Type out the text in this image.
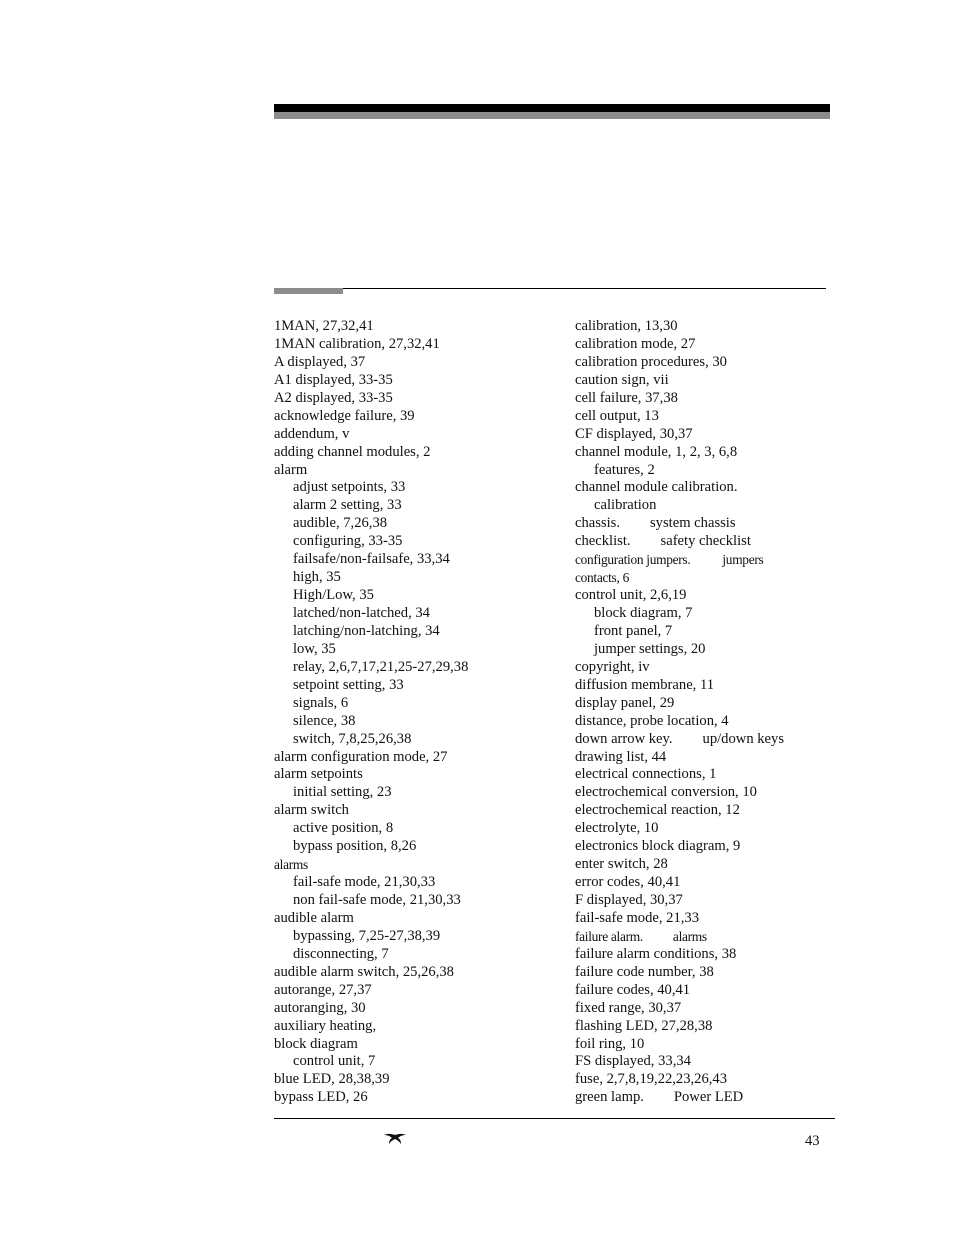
1MAN, 27,32,41
1MAN calibration, 27,32,41
A displayed, 37
A1 displayed, 33-35
A2 displayed, 33-35
acknowledge failure, 39
addendum, v
adding channel modules, 2
alarm
adjust setpoints, 33
alarm 2 setting, 33
audible, 7,26,38
configuring, 33-35
failsafe/non-failsafe, 33,34
high, 35
High/Low, 35
latched/non-latched, 34
latching/non-latching, 34
low, 35
relay, 2,6,7,17,21,25-27,29,38
setpoint setting, 33
signals, 6
silence, 38
switch, 7,8,25,26,38
alarm configuration mode, 27
alarm setpoints
initial setting, 23
alarm switch
active position, 8
bypass position, 8,26
alarms
fail-safe mode, 21,30,33
non fail-safe mode, 21,30,33
audible alarm
bypassing, 7,25-27,38,39
disconnecting, 7
audible alarm switch, 25,26,38
autorange, 27,37
autoranging, 30
auxiliary heating,
block diagram
control unit, 7
blue LED, 28,38,39
bypass LED, 26
calibration, 13,30
calibration mode, 27
calibration procedures, 30
caution sign, vii
cell failure, 37,38
cell output, 13
CF displayed, 30,37
channel module, 1, 2, 3, 6,8
features, 2
channel module calibration.
calibration
chassis. system chassis
checklist. safety checklist
configuration jumpers. jumpers
contacts, 6
control unit, 2,6,19
block diagram, 7
front panel, 7
jumper settings, 20
copyright, iv
diffusion membrane, 11
display panel, 29
distance, probe location, 4
down arrow key. up/down keys
drawing list, 44
electrical connections, 1
electrochemical conversion, 10
electrochemical reaction, 12
electrolyte, 10
electronics block diagram, 9
enter switch, 28
error codes, 40,41
F displayed, 30,37
fail-safe mode, 21,33
failure alarm. alarms
failure alarm conditions, 38
failure code number, 38
failure codes, 40,41
fixed range, 30,37
flashing LED, 27,28,38
foil ring, 10
FS displayed, 33,34
fuse, 2,7,8,19,22,23,26,43
green lamp. Power LED
43
